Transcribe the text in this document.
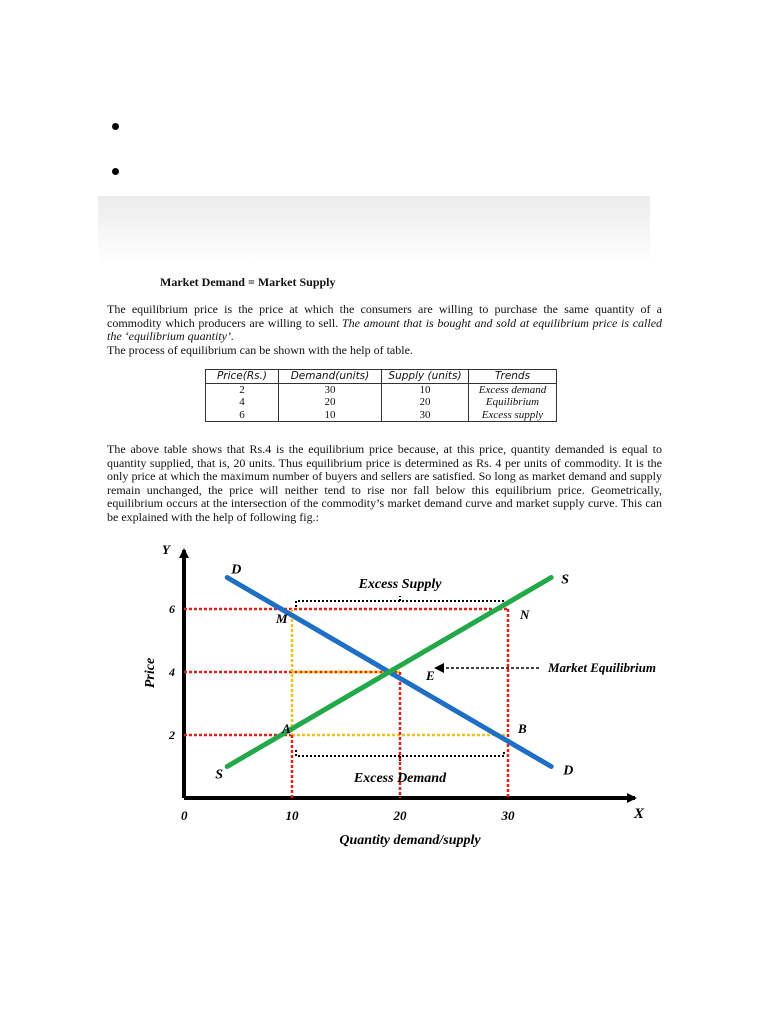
Market Demand = Market Supply

The equilibrium price is the price at which the consumers are willing to purchase the same quantity of a commodity which producers are willing to sell. The amount that is bought and sold at equilibrium price is called the ‘equilibrium quantity’.
The process of equilibrium can be shown with the help of table.

Price(Rs.)	Demand(units)	Supply (units)	Trends
2	30	10	Excess demand
4	20	20	Equilibrium
6	10	30	Excess supply

The above table shows that Rs.4 is the equilibrium price because, at this price, quantity demanded is equal to quantity supplied, that is, 20 units. Thus equilibrium price is determined as Rs. 4 per units of commodity. It is the only price at which the maximum number of buyers and sellers are satisfied. So long as market demand and supply remain unchanged, the price will neither tend to rise nor fall below this equilibrium price. Geometrically, equilibrium occurs at the intersection of the commodity’s market demand curve and market supply curve. This can be explained with the help of following fig.:

Y
X
0	10	20	30
2
4
6
Quantity demand/supply
Price
D
D
S
S
M	N
E
A	B
Excess Supply
Excess Demand
Market Equilibrium
